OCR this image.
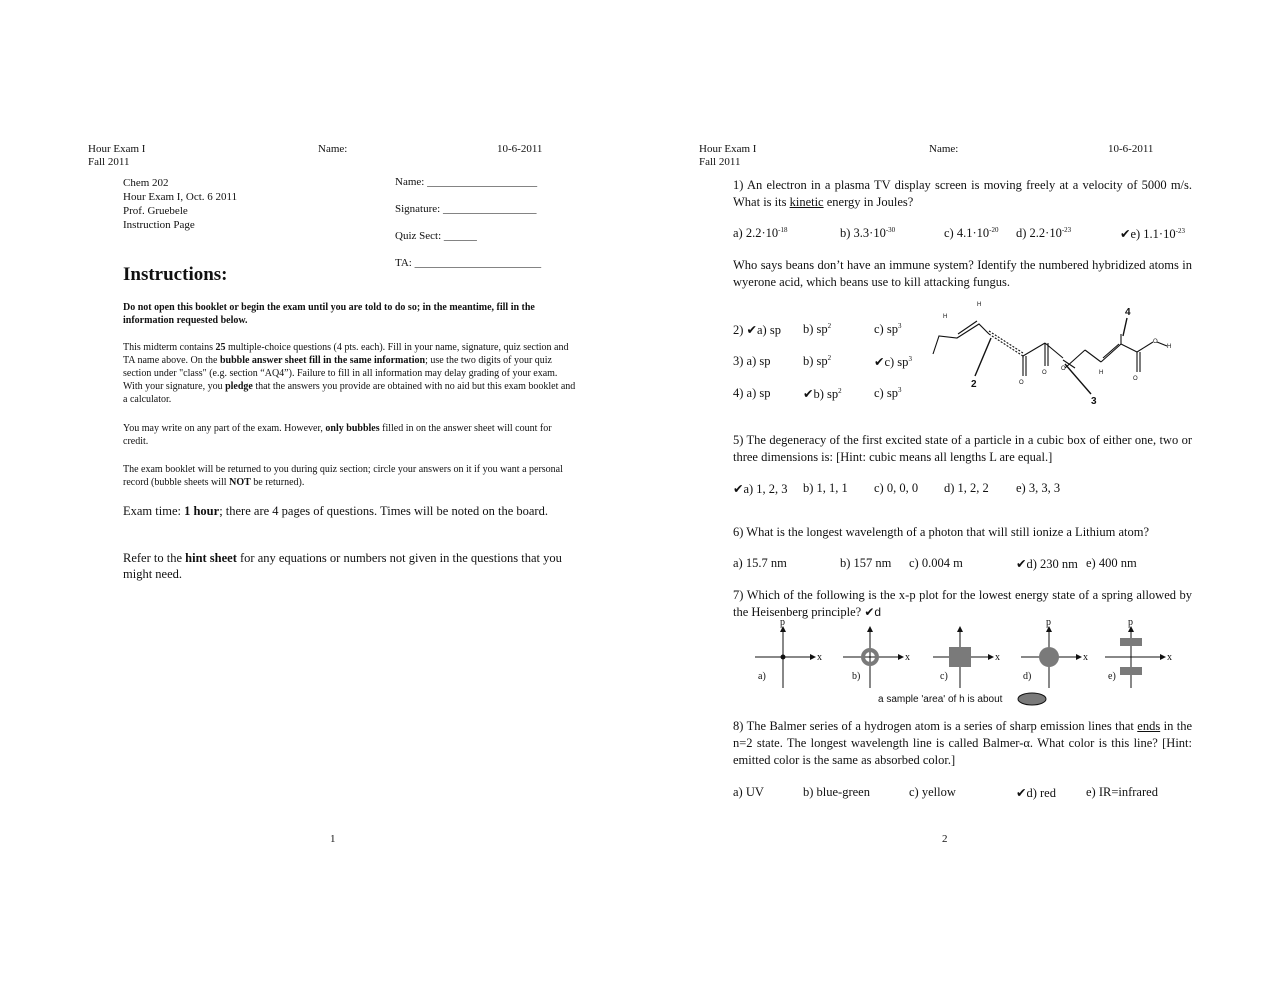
Hour Exam I
Fall 2011
Name:	10-6-2011
Chem 202
Hour Exam I, Oct. 6 2011
Prof. Gruebele
Instruction Page
Name: ____________________
Signature: _________________
Quiz Sect: ______
TA: _______________________
Instructions:
Do not open this booklet or begin the exam until you are told to do so; in the meantime, fill in the information requested below.
This midterm contains 25 multiple-choice questions (4 pts. each). Fill in your name, signature, quiz section and TA name above. On the bubble answer sheet fill in the same information; use the two digits of your quiz section under "class" (e.g. section “AQ4”). Failure to fill in all information may delay grading of your exam. With your signature, you pledge that the answers you provide are obtained with no aid but this exam booklet and a calculator.
You may write on any part of the exam. However, only bubbles filled in on the answer sheet will count for credit.
The exam booklet will be returned to you during quiz section; circle your answers on it if you want a personal record (bubble sheets will NOT be returned).
Exam time: 1 hour; there are 4 pages of questions. Times will be noted on the board.
Refer to the hint sheet for any equations or numbers not given in the questions that you might need.
1
Hour Exam I
Fall 2011
Name:	10-6-2011
1) An electron in a plasma TV display screen is moving freely at a velocity of 5000 m/s. What is its kinetic energy in Joules?
a) $2.2\cdot 10^{-18}$	b) $3.3\cdot 10^{-30}$	c) $4.1\cdot 10^{-20}$ d) $2.2\cdot 10^{-23}$	✔e) $1.1\cdot 10^{-23}$
Who says beans don’t have an immune system? Identify the numbered hybridized atoms in wyerone acid, which beans use to kill attacking fungus.
2) ✔a) sp b) $sp^2$	c) $sp^3$
3) a) sp	b) $sp^2$	✔c) $sp^3$
4) a) sp	✔b) $sp^2$	c) $sp^3$
H
H
O
O
O
H
O
O
H
2
3
4
5) The degeneracy of the first excited state of a particle in a cubic box of either one, two or three dimensions is: [Hint: cubic means all lengths L are equal.]
✔a) 1, 2, 3 b) 1, 1, 1 c) 0, 0, 0 d) 1, 2, 2 e) 3, 3, 3
6) What is the longest wavelength of a photon that will still ionize a Lithium atom?
a) 15.7 nm	b) 157 nm c) 0.004 m	✔d) 230 nm e) 400 nm
7) Which of the following is the x-p plot for the lowest energy state of a spring allowed by the Heisenberg principle? ✔d
p
x
a)
x
b)
x
c)
p
x
d)
p
x
e)
a sample 'area' of h is about
8) The Balmer series of a hydrogen atom is a series of sharp emission lines that ends in the n=2 state. The longest wavelength line is called Balmer-α. What color is this line? [Hint: emitted color is the same as absorbed color.]
a) UV	b) blue-green	c) yellow	✔d) red e) IR=infrared
2
